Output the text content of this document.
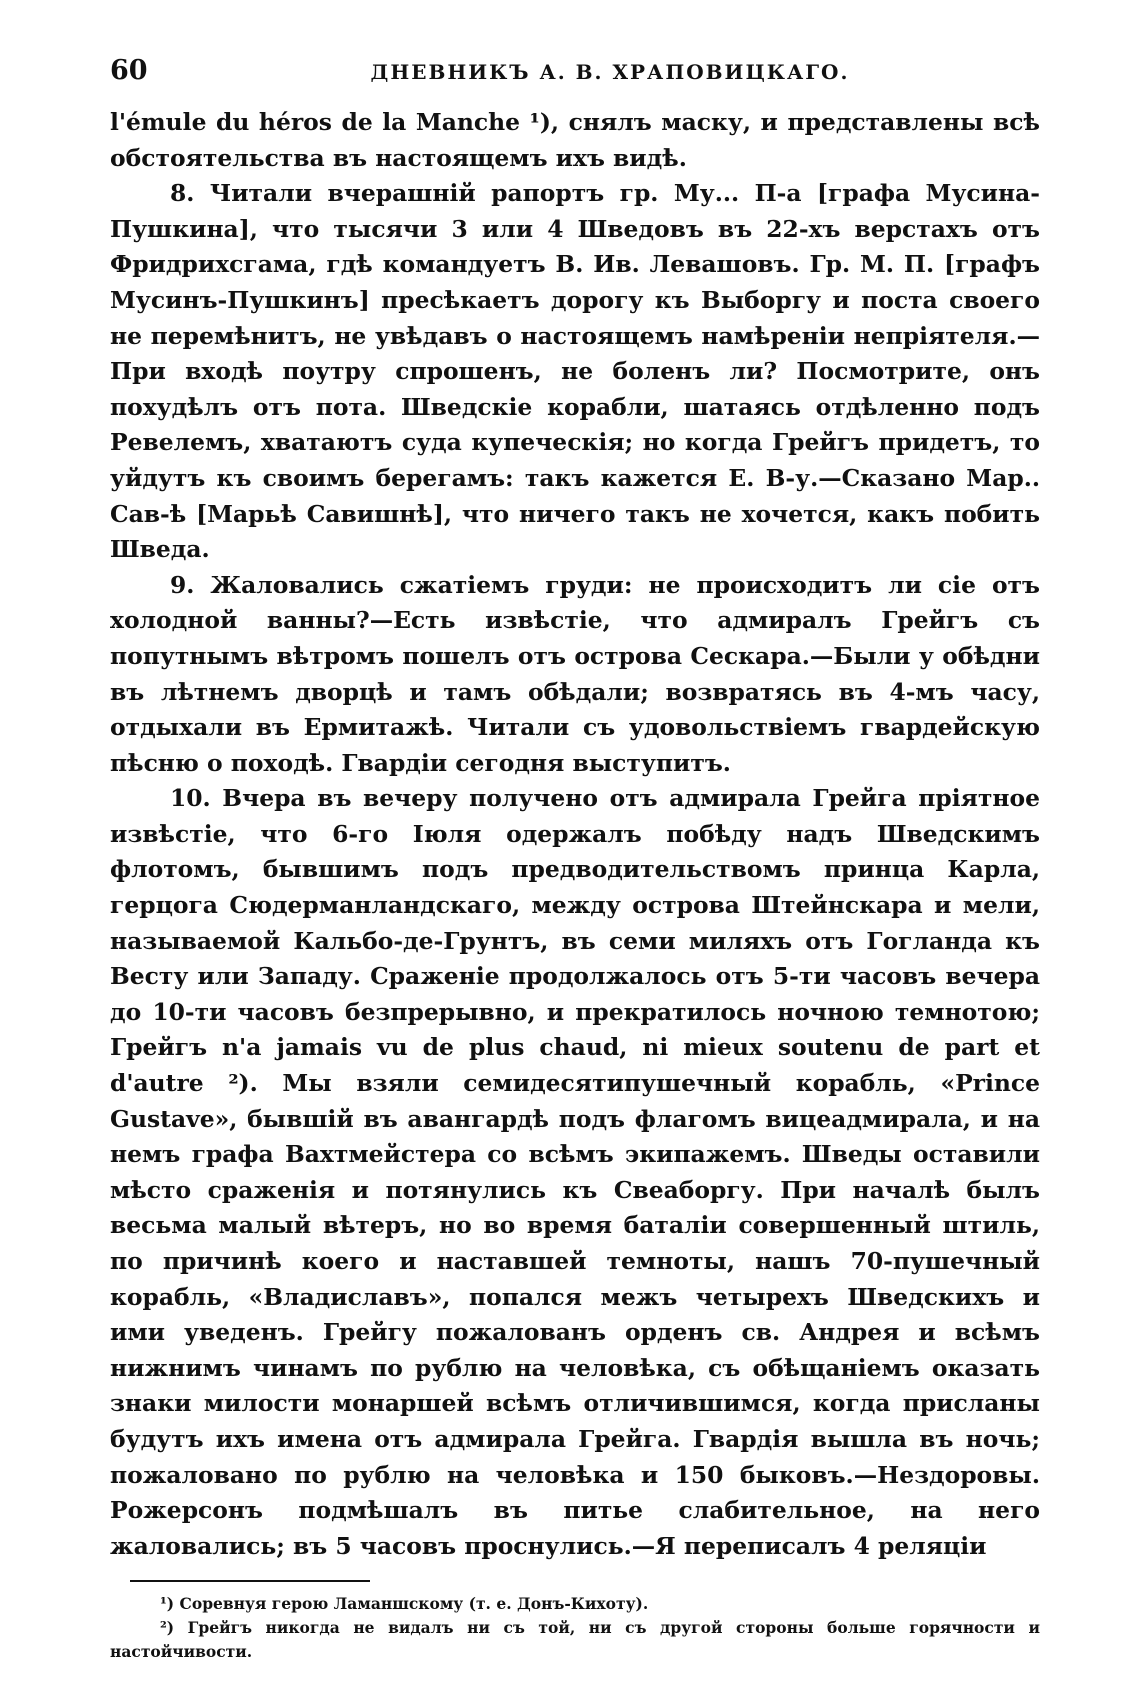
60	ДНЕВНИКЪ А. В. ХРАПОВИЦКАГО.

l'émule du héros de la Manche ¹), снялъ маску, и представлены всѣ обстоятельства въ настоящемъ ихъ видѣ.

8. Читали вчерашній рапортъ гр. Му... П-а [графа Мусина-Пушкина], что тысячи 3 или 4 Шведовъ въ 22-хъ верстахъ отъ Фридрихсгама, гдѣ командуетъ В. Ив. Левашовъ. Гр. М. П. [графъ Мусинъ-Пушкинъ] пресѣкаетъ дорогу къ Выборгу и поста своего не перемѣнитъ, не увѣдавъ о настоящемъ намѣреніи непріятеля.—При входѣ поутру спрошенъ, не боленъ ли? Посмотрите, онъ похудѣлъ отъ пота. Шведскіе корабли, шатаясь отдѣленно подъ Ревелемъ, хватаютъ суда купеческія; но когда Грейгъ придетъ, то уйдутъ къ своимъ берегамъ: такъ кажется Е. В-у.—Сказано Мар.. Сав-ѣ [Марьѣ Савишнѣ], что ничего такъ не хочется, какъ побить Шведа.

9. Жаловались сжатіемъ груди: не происходитъ ли сіе отъ холодной ванны?—Есть извѣстіе, что адмиралъ Грейгъ съ попутнымъ вѣтромъ пошелъ отъ острова Сескара.—Были у обѣдни въ лѣтнемъ дворцѣ и тамъ обѣдали; возвратясь въ 4-мъ часу, отдыхали въ Ермитажѣ. Читали съ удовольствіемъ гвардейскую пѣсню о походѣ. Гвардіи сегодня выступитъ.

10. Вчера въ вечеру получено отъ адмирала Грейга пріятное извѣстіе, что 6-го Іюля одержалъ побѣду надъ Шведскимъ флотомъ, бывшимъ подъ предводительствомъ принца Карла, герцога Сюдерманландскаго, между острова Штейнскара и мели, называемой Кальбо-де-Грунтъ, въ семи миляхъ отъ Гогланда къ Весту или Западу. Сраженіе продолжалось отъ 5-ти часовъ вечера до 10-ти часовъ безпрерывно, и прекратилось ночною темнотою; Грейгъ n'a jamais vu de plus chaud, ni mieux soutenu de part et d'autre ²). Мы взяли семидесятипушечный корабль, «Prince Gustave», бывшій въ авангардѣ подъ флагомъ вицеадмирала, и на немъ графа Вахтмейстера со всѣмъ экипажемъ. Шведы оставили мѣсто сраженія и потянулись къ Свеаборгу. При началѣ былъ весьма малый вѣтеръ, но во время баталіи совершенный штиль, по причинѣ коего и наставшей темноты, нашъ 70-пушечный корабль, «Владиславъ», попался межъ четырехъ Шведскихъ и ими уведенъ. Грейгу пожалованъ орденъ св. Андрея и всѣмъ нижнимъ чинамъ по рублю на человѣка, съ обѣщаніемъ оказать знаки милости монаршей всѣмъ отличившимся, когда присланы будутъ ихъ имена отъ адмирала Грейга. Гвардія вышла въ ночь; пожаловано по рублю на человѣка и 150 быковъ.—Нездоровы. Рожерсонъ подмѣшалъ въ питье слабительное, на него жаловались; въ 5 часовъ проснулись.—Я переписалъ 4 реляціи

¹) Соревнуя герою Ламаншскому (т. е. Донъ-Кихоту).

²) Грейгъ никогда не видалъ ни съ той, ни съ другой стороны больше горячности и настойчивости.
